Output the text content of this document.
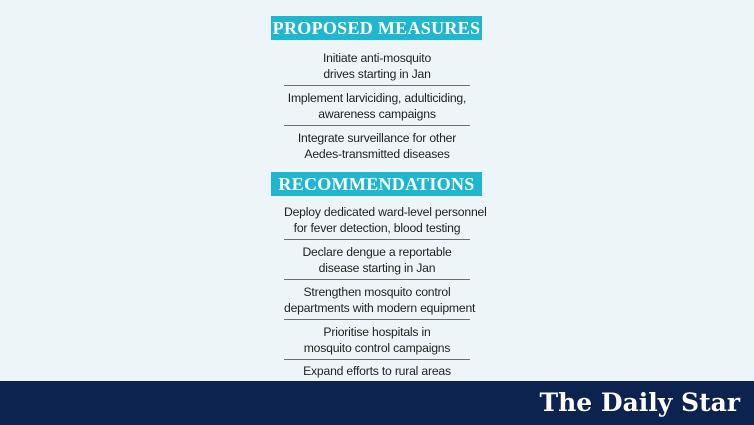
PROPOSED MEASURES
Initiate anti-mosquito
drives starting in Jan
Implement larviciding, adulticiding,
awareness campaigns
Integrate surveillance for other
Aedes-transmitted diseases
RECOMMENDATIONS
Deploy dedicated ward-level personnel
for fever detection, blood testing
Declare dengue a reportable
disease starting in Jan
Strengthen mosquito control
departments with modern equipment
Prioritise hospitals in
mosquito control campaigns
Expand efforts to rural areas
The Daily Star
